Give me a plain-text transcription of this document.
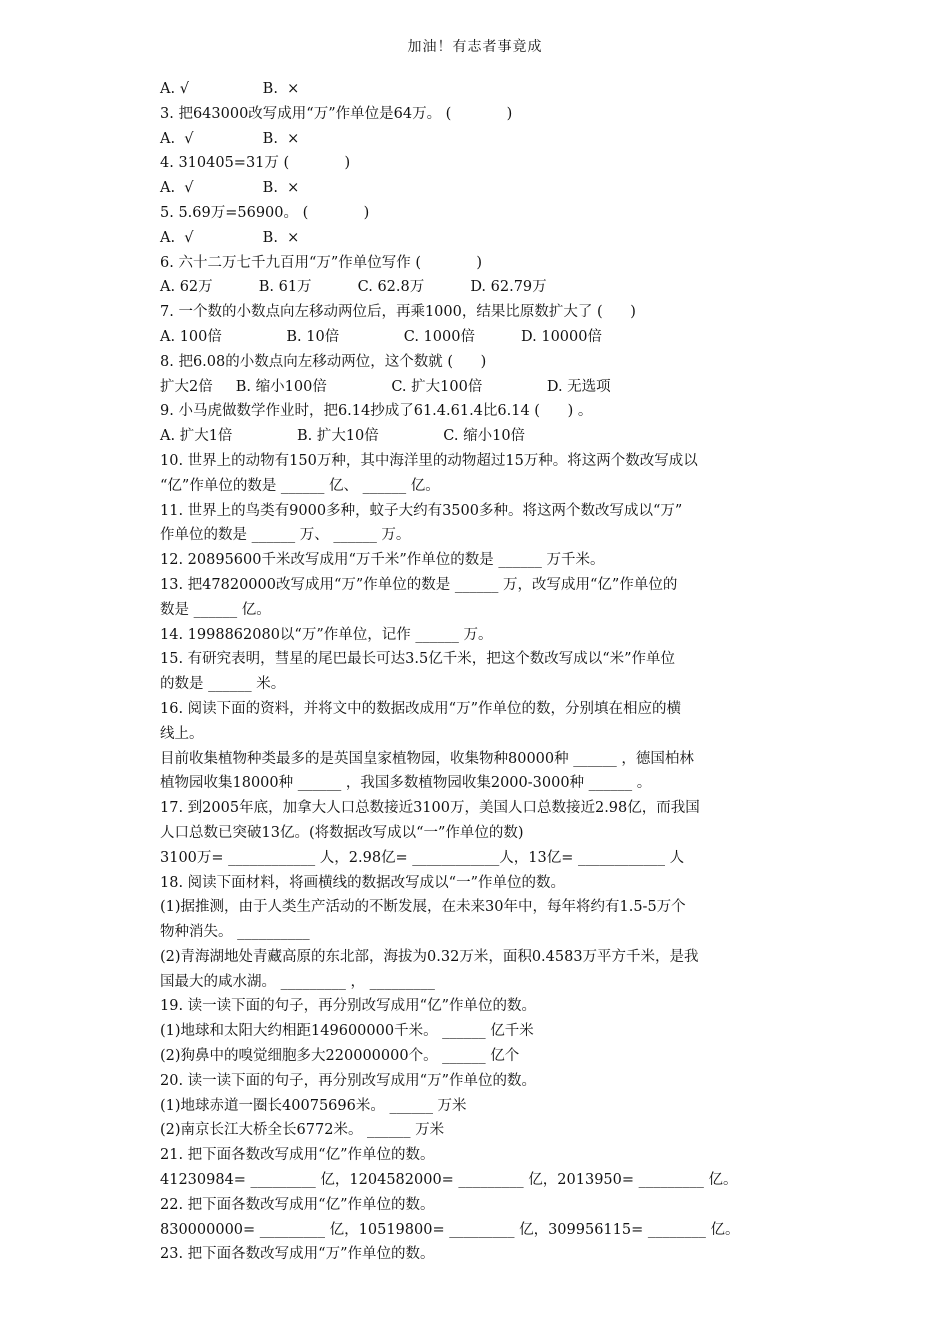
加油！有志者事竟成
A. √                B.  ×
3. 把643000改写成用“万”作单位是64万。 (            )
A.  √               B.  ×
4. 310405=31万 (            )
A.  √               B.  ×
5. 5.69万=56900。 (            )
A.  √               B.  ×
6. 六十二万七千九百用“万”作单位写作 (            )
A. 62万          B. 61万          C. 62.8万          D. 62.79万
7. 一个数的小数点向左移动两位后，再乘1000，结果比原数扩大了 (      )
A. 100倍              B. 10倍              C. 1000倍          D. 10000倍
8. 把6.08的小数点向左移动两位，这个数就 (      )
扩大2倍     B. 缩小100倍              C. 扩大100倍              D. 无选项
9. 小马虎做数学作业时，把6.14抄成了61.4.61.4比6.14 (      ) 。
A. 扩大1倍              B. 扩大10倍              C. 缩小10倍
10. 世界上的动物有150万种，其中海洋里的动物超过15万种。将这两个数改写成以
“亿”作单位的数是 ______ 亿、 ______ 亿。
11. 世界上的鸟类有9000多种，蚊子大约有3500多种。将这两个数改写成以“万”
作单位的数是 ______ 万、 ______ 万。
12. 20895600千米改写成用“万千米”作单位的数是 ______ 万千米。
13. 把47820000改写成用“万”作单位的数是 ______ 万，改写成用“亿”作单位的
数是 ______ 亿。
14. 1998862080以“万”作单位，记作 ______ 万。
15. 有研究表明，彗星的尾巴最长可达3.5亿千米，把这个数改写成以“米”作单位
的数是 ______ 米。
16. 阅读下面的资料，并将文中的数据改成用“万”作单位的数，分别填在相应的横
线上。
目前收集植物种类最多的是英国皇家植物园，收集物种80000种 ______ ，德国柏林
植物园收集18000种 ______ ，我国多数植物园收集2000-3000种 ______ 。
17. 到2005年底，加拿大人口总数接近3100万，美国人口总数接近2.98亿，而我国
人口总数已突破13亿。(将数据改写成以“一”作单位的数)
3100万= ____________ 人，2.98亿= ____________人，13亿= ____________ 人
18. 阅读下面材料，将画横线的数据改写成以“一”作单位的数。
(1)据推测，由于人类生产活动的不断发展，在未来30年中，每年将约有1.5-5万个
物种消失。 __________
(2)青海湖地处青藏高原的东北部，海拔为0.32万米，面积0.4583万平方千米，是我
国最大的咸水湖。 _________ ， _________
19. 读一读下面的句子，再分别改写成用“亿”作单位的数。
(1)地球和太阳大约相距149600000千米。 ______ 亿千米
(2)狗鼻中的嗅觉细胞多大220000000个。 ______ 亿个
20. 读一读下面的句子，再分别改写成用“万”作单位的数。
(1)地球赤道一圈长40075696米。 ______ 万米
(2)南京长江大桥全长6772米。 ______ 万米
21. 把下面各数改写成用“亿”作单位的数。
41230984= _________ 亿，1204582000= _________ 亿，2013950= _________ 亿。
22. 把下面各数改写成用“亿”作单位的数。
830000000= _________ 亿，10519800= _________ 亿，309956115= ________ 亿。
23. 把下面各数改写成用“万”作单位的数。
